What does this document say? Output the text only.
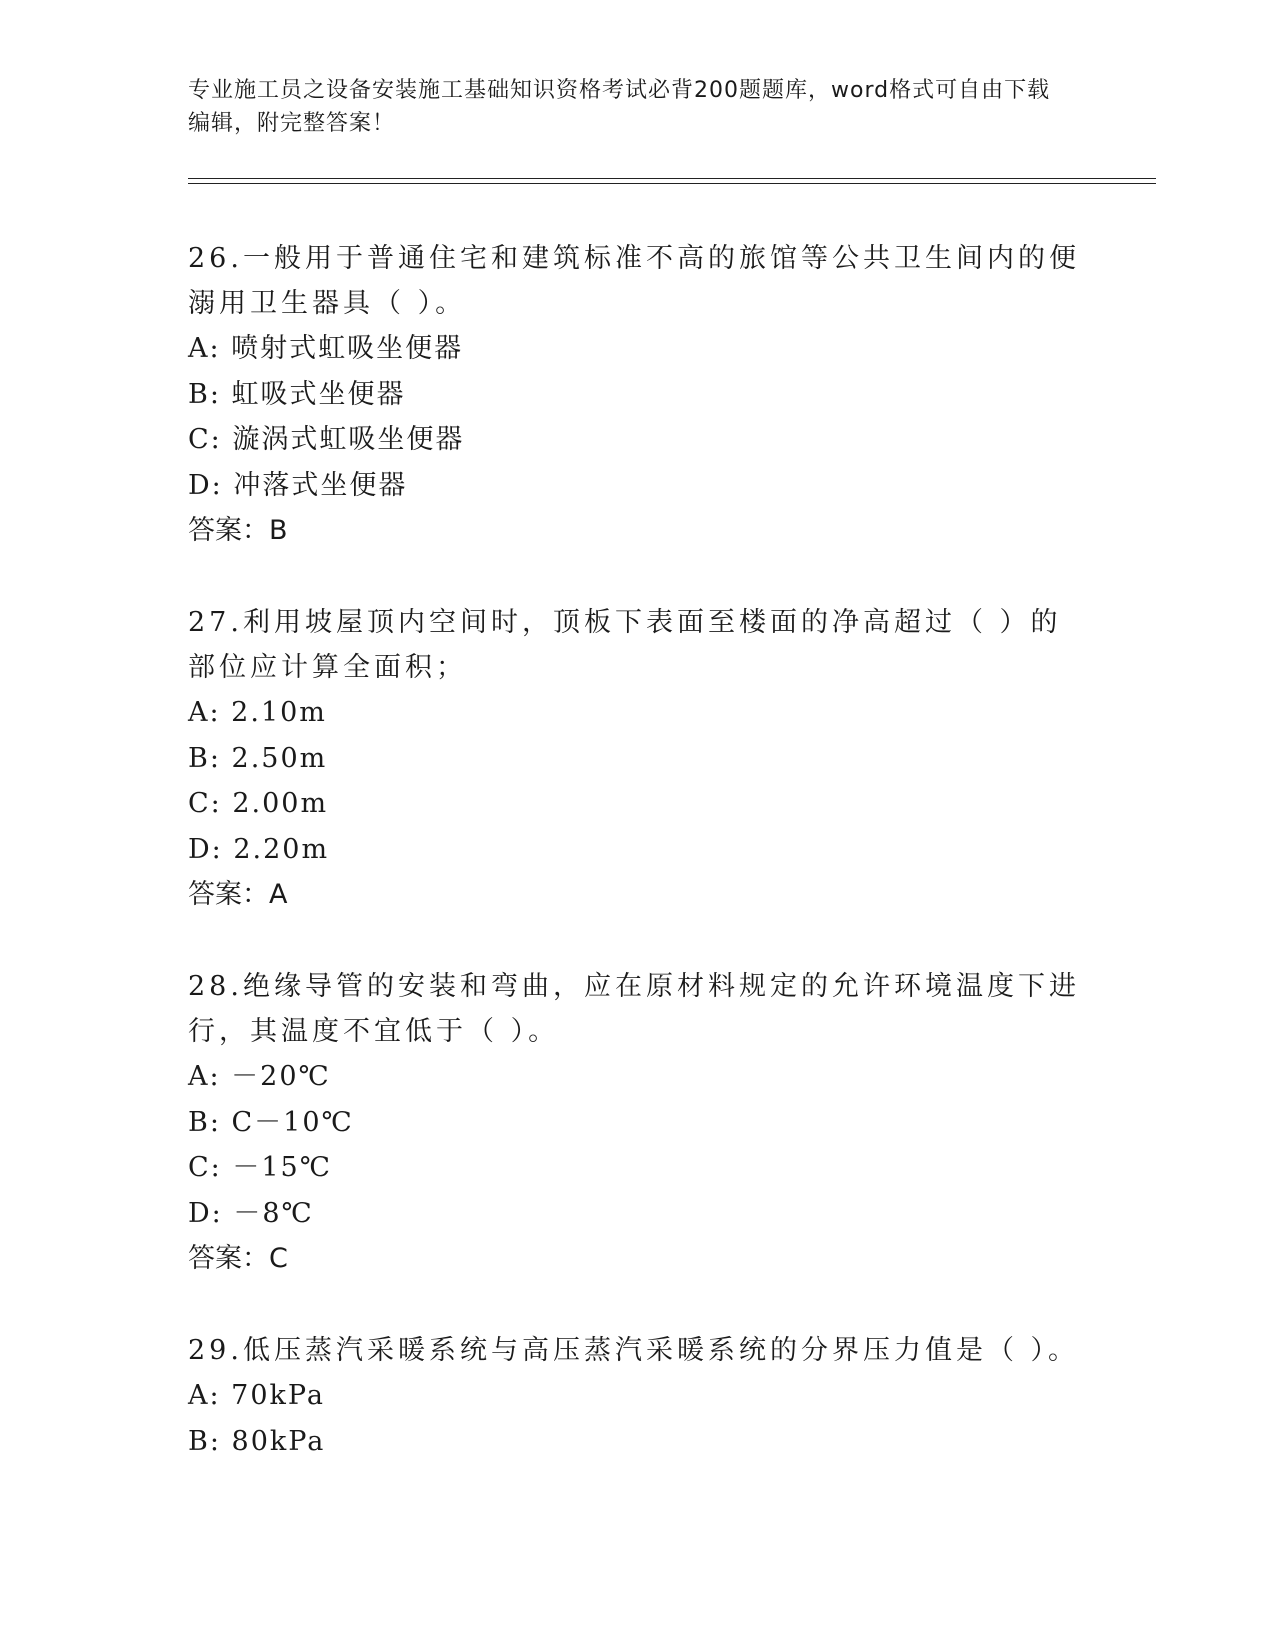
专业施工员之设备安装施工基础知识资格考试必背200题题库，word格式可自由下载编辑，附完整答案！

26.一般用于普通住宅和建筑标准不高的旅馆等公共卫生间内的便溺用卫生器具（ ）。

A: 喷射式虹吸坐便器

B: 虹吸式坐便器

C: 漩涡式虹吸坐便器

D: 冲落式坐便器

答案：B

27.利用坡屋顶内空间时，顶板下表面至楼面的净高超过（ ）的部位应计算全面积；

A: 2.10m

B: 2.50m

C: 2.00m

D: 2.20m

答案：A

28.绝缘导管的安装和弯曲，应在原材料规定的允许环境温度下进行，其温度不宜低于（ ）。

A: －20℃

B: C－10℃

C: －15℃

D: －8℃

答案：C

29.低压蒸汽采暖系统与高压蒸汽采暖系统的分界压力值是（ ）。

A: 70kPa

B: 80kPa
